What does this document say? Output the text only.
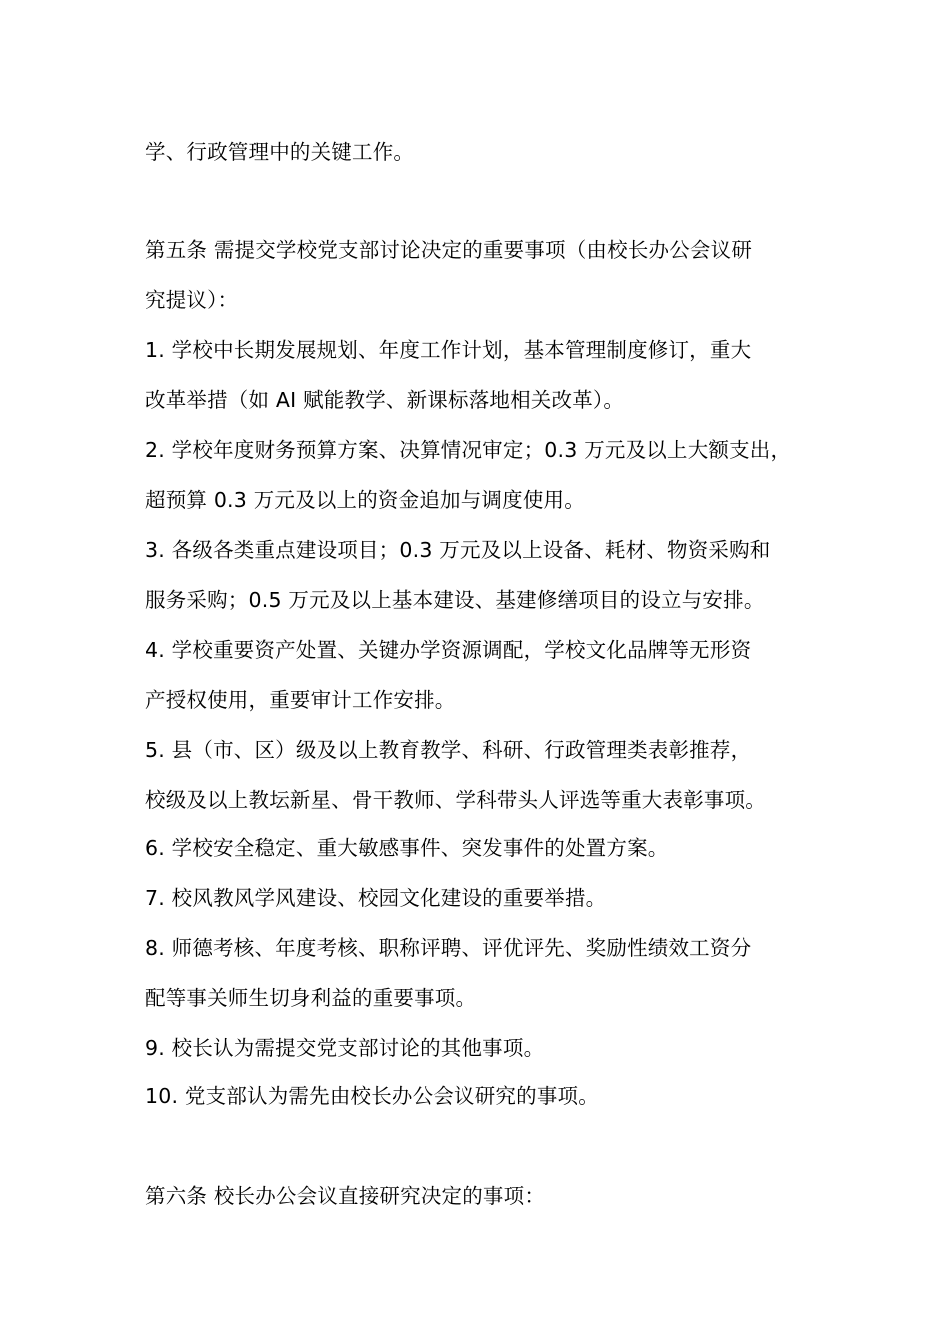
学、行政管理中的关键工作。
第五条 需提交学校党支部讨论决定的重要事项（由校长办公会议研
究提议）：
1. 学校中长期发展规划、年度工作计划，基本管理制度修订，重大
改革举措（如 AI 赋能教学、新课标落地相关改革）。
2. 学校年度财务预算方案、决算情况审定；0.3 万元及以上大额支出，
超预算 0.3 万元及以上的资金追加与调度使用。
3. 各级各类重点建设项目；0.3 万元及以上设备、耗材、物资采购和
服务采购；0.5 万元及以上基本建设、基建修缮项目的设立与安排。
4. 学校重要资产处置、关键办学资源调配，学校文化品牌等无形资
产授权使用，重要审计工作安排。
5. 县（市、区）级及以上教育教学、科研、行政管理类表彰推荐，
校级及以上教坛新星、骨干教师、学科带头人评选等重大表彰事项。
6. 学校安全稳定、重大敏感事件、突发事件的处置方案。
7. 校风教风学风建设、校园文化建设的重要举措。
8. 师德考核、年度考核、职称评聘、评优评先、奖励性绩效工资分
配等事关师生切身利益的重要事项。
9. 校长认为需提交党支部讨论的其他事项。
10. 党支部认为需先由校长办公会议研究的事项。
第六条 校长办公会议直接研究决定的事项：
